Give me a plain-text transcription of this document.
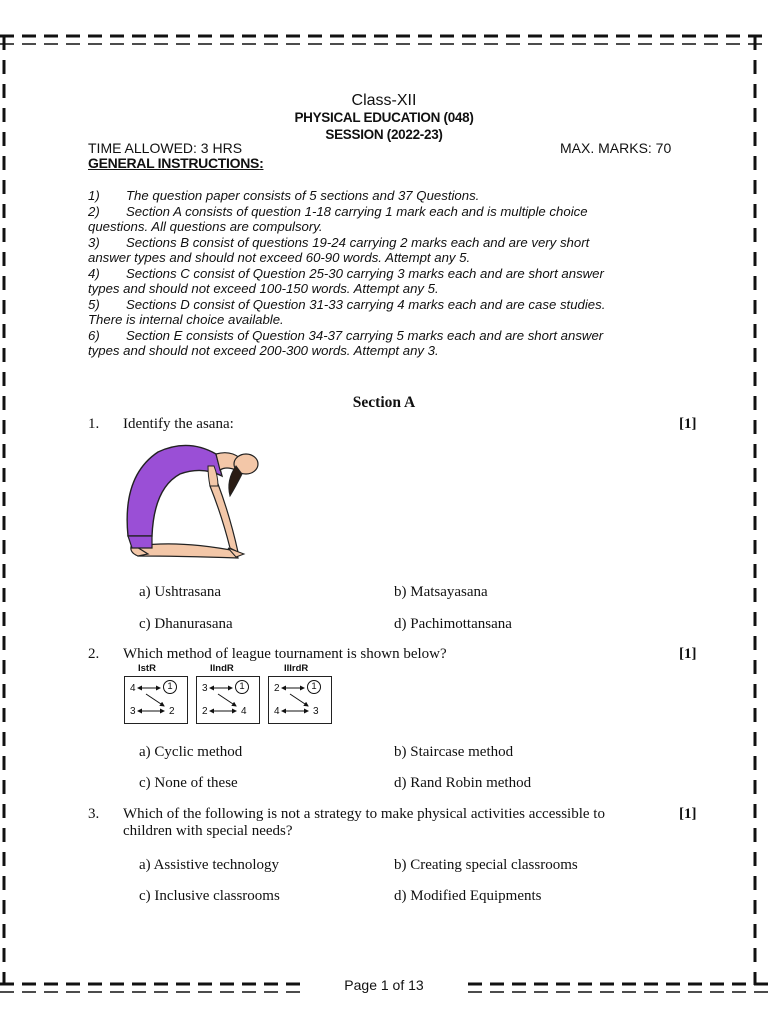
Class-XII
PHYSICAL EDUCATION (048)
SESSION (2022-23)
TIME ALLOWED: 3 HRS	MAX. MARKS: 70
GENERAL INSTRUCTIONS:

1) The question paper consists of 5 sections and 37 Questions.

2) Section A consists of question 1-18 carrying 1 mark each and is multiple choice

questions. All questions are compulsory.

3) Sections B consist of questions 19-24 carrying 2 marks each and are very short

answer types and should not exceed 60-90 words. Attempt any 5.

4) Sections C consist of Question 25-30 carrying 3 marks each and are short answer

types and should not exceed 100-150 words. Attempt any 5.

5) Sections D consist of Question 31-33 carrying 4 marks each and are case studies.

There is internal choice available.

6) Section E consists of Question 34-37 carrying 5 marks each and are short answer

types and should not exceed 200-300 words. Attempt any 3.

Section A
1. Identify the asana:	[1]
a) Ushtrasana	b) Matsayasana
c) Dhanurasana	d) Pachimottansana
2. Which method of league tournament is shown below?	[1]
IstR
4	1
3	2
IIndR
3	1
2	4
IIIrdR
2	1
4	3
a) Cyclic method	b) Staircase method
c) None of these	d) Rand Robin method
3. Which of the following is not a strategy to make physical activities accessible to
children with special needs?
[1]
a) Assistive technology	b) Creating special classrooms
c) Inclusive classrooms	d) Modified Equipments
Page 1 of 13
